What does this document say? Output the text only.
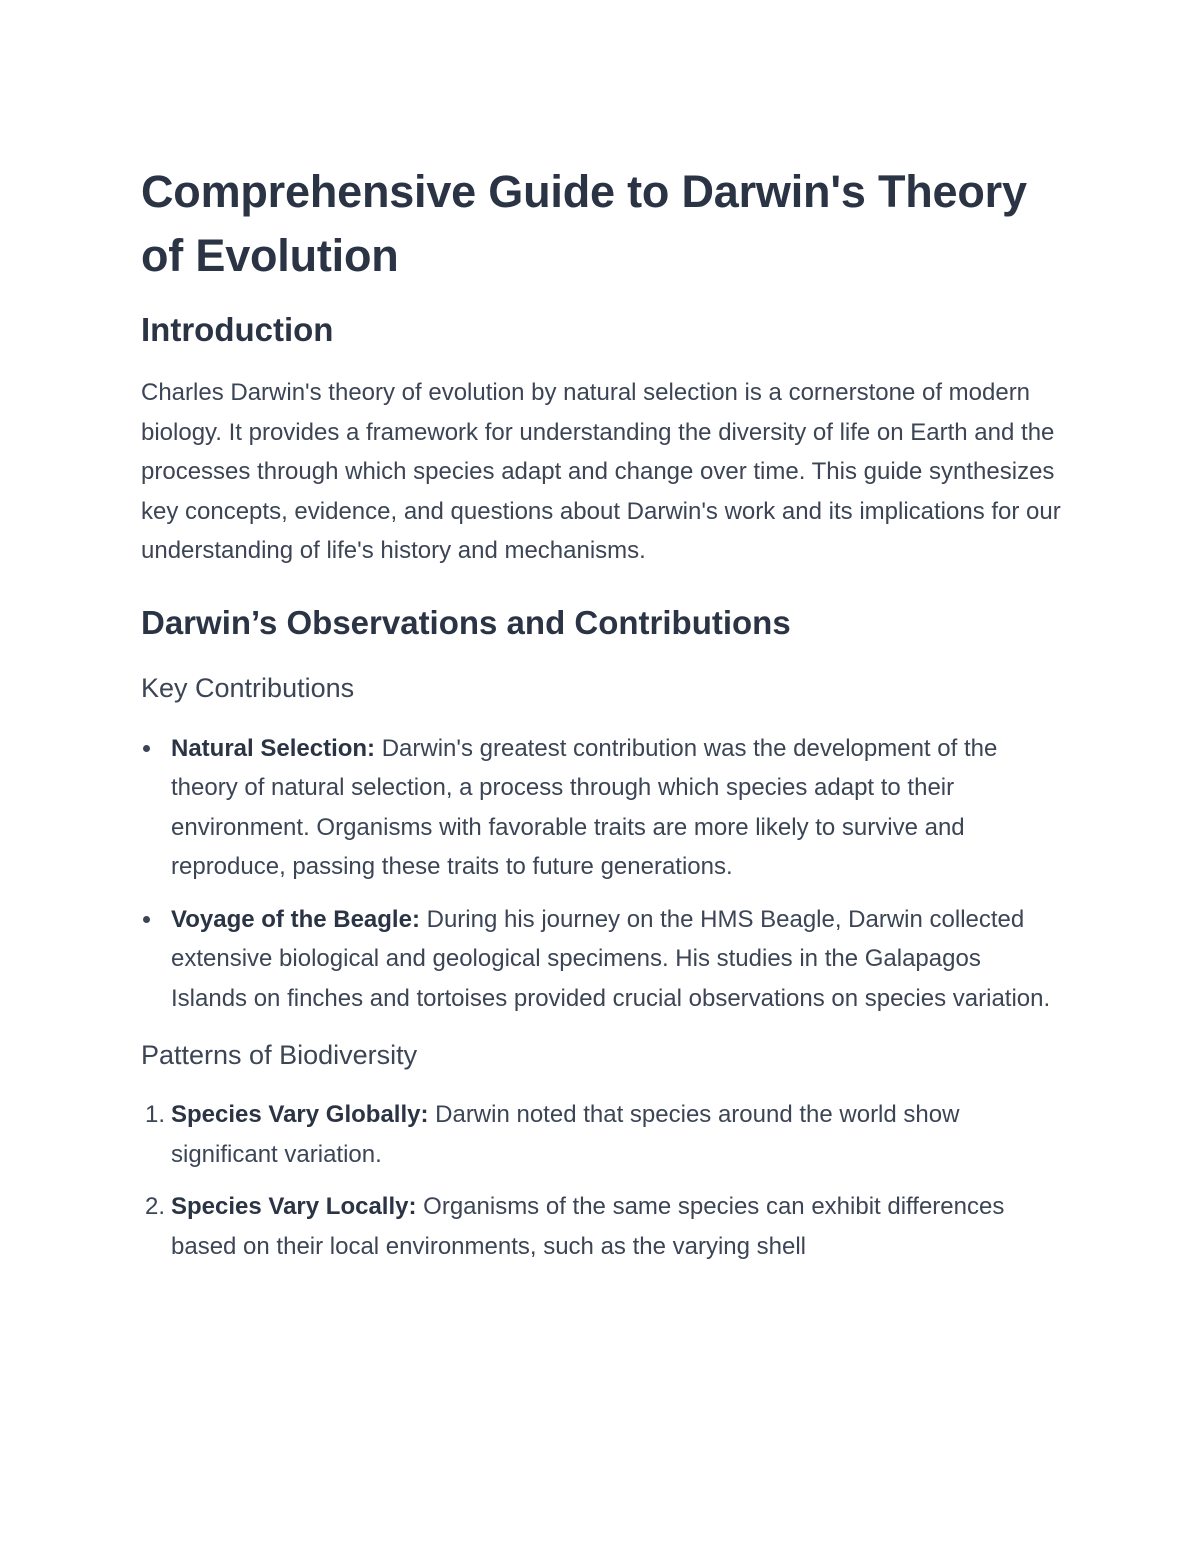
Comprehensive Guide to Darwin's Theory of Evolution
Introduction

Charles Darwin's theory of evolution by natural selection is a cornerstone of modern biology. It provides a framework for understanding the diversity of life on Earth and the processes through which species adapt and change over time. This guide synthesizes key concepts, evidence, and questions about Darwin's work and its implications for our understanding of life's history and mechanisms.

Darwin’s Observations and Contributions
Key Contributions
Natural Selection: Darwin's greatest contribution was the development of the theory of natural selection, a process through which species adapt to their environment. Organisms with favorable traits are more likely to survive and reproduce, passing these traits to future generations.
Voyage of the Beagle: During his journey on the HMS Beagle, Darwin collected extensive biological and geological specimens. His studies in the Galapagos Islands on finches and tortoises provided crucial observations on species variation.
Patterns of Biodiversity
1. Species Vary Globally: Darwin noted that species around the world show significant variation.
2. Species Vary Locally: Organisms of the same species can exhibit differences based on their local environments, such as the varying shell
